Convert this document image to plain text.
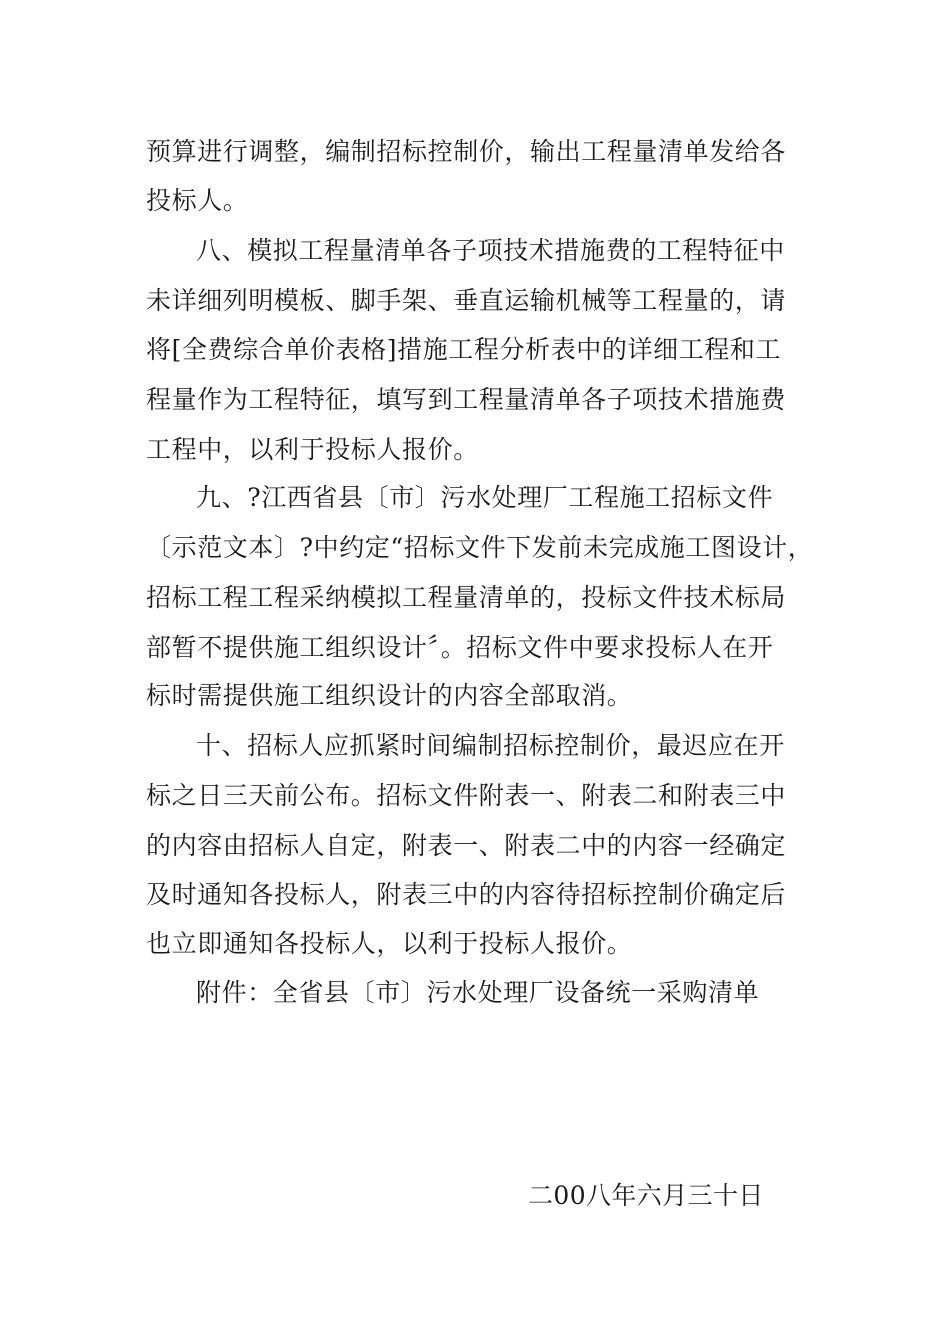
预算进行调整，编制招标控制价，输出工程量清单发给各
投标人。
八、模拟工程量清单各子项技术措施费的工程特征中
未详细列明模板、脚手架、垂直运输机械等工程量的，请
将[全费综合单价表格]措施工程分析表中的详细工程和工
程量作为工程特征，填写到工程量清单各子项技术措施费
工程中，以利于投标人报价。
九、?江西省县〔市〕污水处理厂工程施工招标文件
〔示范文本〕?中约定“招标文件下发前未完成施工图设计，
招标工程工程采纳模拟工程量清单的，投标文件技术标局
部暂不提供施工组织设计〞。招标文件中要求投标人在开
标时需提供施工组织设计的内容全部取消。
十、招标人应抓紧时间编制招标控制价，最迟应在开
标之日三天前公布。招标文件附表一、附表二和附表三中
的内容由招标人自定，附表一、附表二中的内容一经确定
及时通知各投标人，附表三中的内容待招标控制价确定后
也立即通知各投标人，以利于投标人报价。
附件：全省县〔市〕污水处理厂设备统一采购清单
二00八年六月三十日
